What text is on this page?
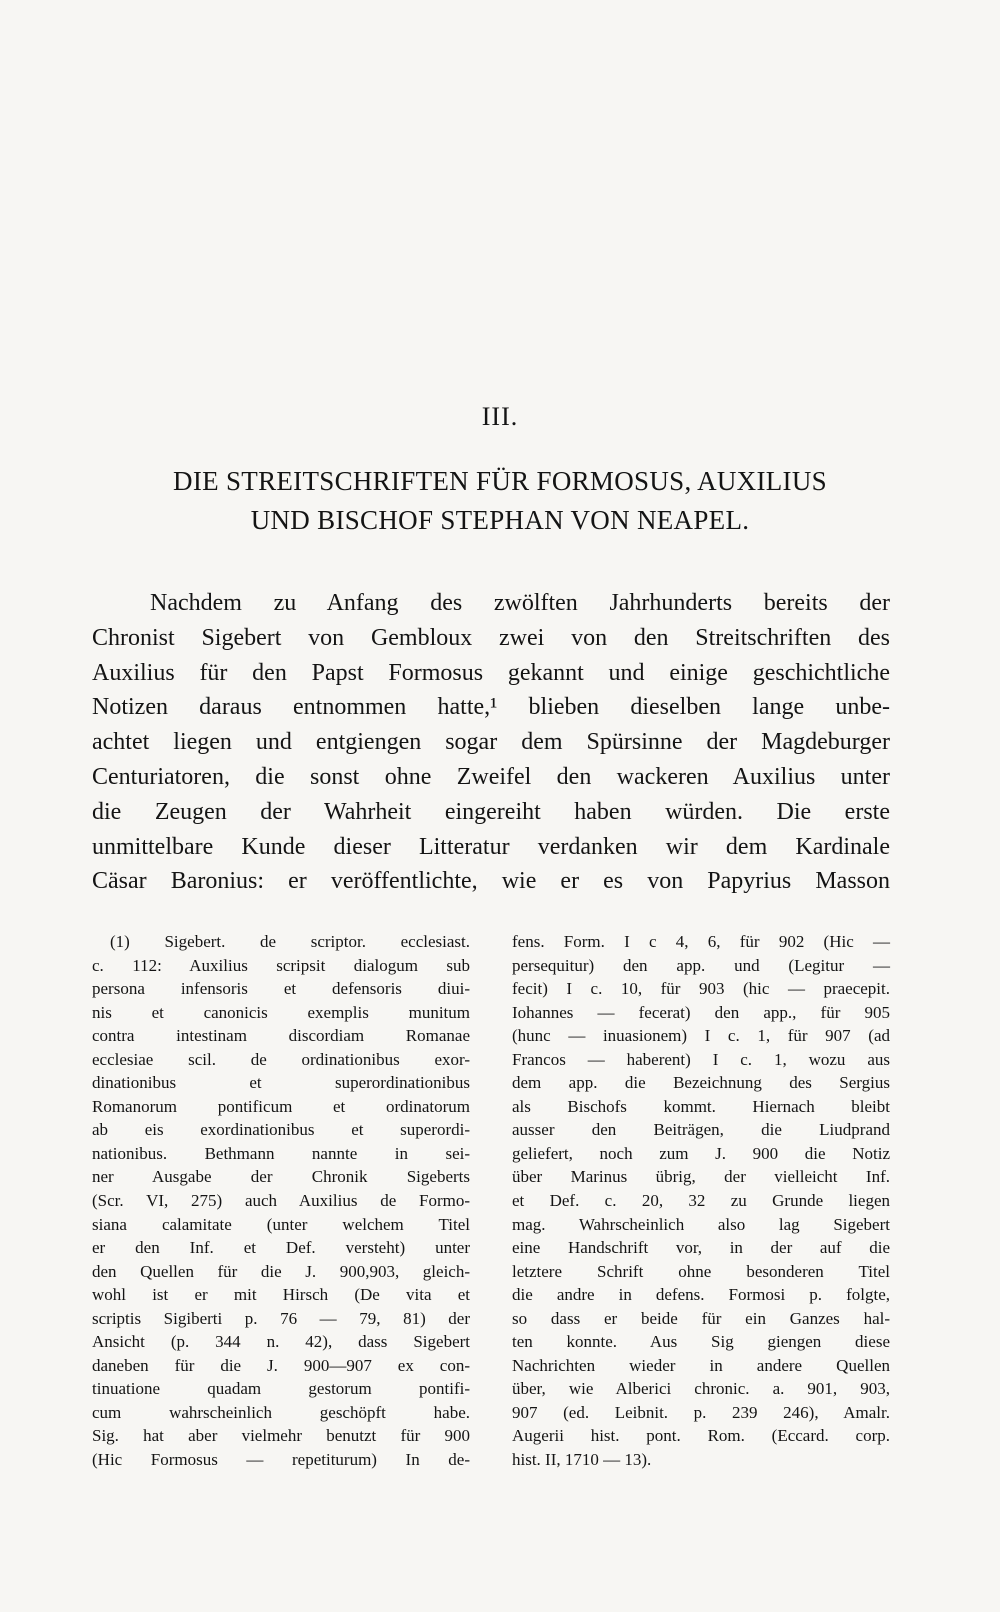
III.
DIE STREITSCHRIFTEN FÜR FORMOSUS, AUXILIUS
UND BISCHOF STEPHAN VON NEAPEL.
Nachdem zu Anfang des zwölften Jahrhunderts bereits der
Chronist Sigebert von Gembloux zwei von den Streitschriften des
Auxilius für den Papst Formosus gekannt und einige geschichtliche
Notizen daraus entnommen hatte,¹ blieben dieselben lange unbe-
achtet liegen und entgiengen sogar dem Spürsinne der Magdeburger
Centuriatoren, die sonst ohne Zweifel den wackeren Auxilius unter
die Zeugen der Wahrheit eingereiht haben würden. Die erste
unmittelbare Kunde dieser Litteratur verdanken wir dem Kardinale
Cäsar Baronius: er veröffentlichte, wie er es von Papyrius Masson
(1) Sigebert. de scriptor. ecclesiast.
c. 112: Auxilius scripsit dialogum sub
persona infensoris et defensoris diui-
nis et canonicis exemplis munitum
contra intestinam discordiam Romanae
ecclesiae scil. de ordinationibus exor-
dinationibus et superordinationibus
Romanorum pontificum et ordinatorum
ab eis exordinationibus et superordi-
nationibus. Bethmann nannte in sei-
ner Ausgabe der Chronik Sigeberts
(Scr. VI, 275) auch Auxilius de Formo-
siana calamitate (unter welchem Titel
er den Inf. et Def. versteht) unter
den Quellen für die J. 900,903, gleich-
wohl ist er mit Hirsch (De vita et
scriptis Sigiberti p. 76 — 79, 81) der
Ansicht (p. 344 n. 42), dass Sigebert
daneben für die J. 900—907 ex con-
tinuatione quadam gestorum pontifi-
cum wahrscheinlich geschöpft habe.
Sig. hat aber vielmehr benutzt für 900
(Hic Formosus — repetiturum) In de-
fens. Form. I c 4, 6, für 902 (Hic —
persequitur) den app. und (Legitur —
fecit) I c. 10, für 903 (hic — praecepit.
Iohannes — fecerat) den app., für 905
(hunc — inuasionem) I c. 1, für 907 (ad
Francos — haberent) I c. 1, wozu aus
dem app. die Bezeichnung des Sergius
als Bischofs kommt. Hiernach bleibt
ausser den Beiträgen, die Liudprand
geliefert, noch zum J. 900 die Notiz
über Marinus übrig, der vielleicht Inf.
et Def. c. 20, 32 zu Grunde liegen
mag. Wahrscheinlich also lag Sigebert
eine Handschrift vor, in der auf die
letztere Schrift ohne besonderen Titel
die andre in defens. Formosi p. folgte,
so dass er beide für ein Ganzes hal-
ten konnte. Aus Sig giengen diese
Nachrichten wieder in andere Quellen
über, wie Alberici chronic. a. 901, 903,
907 (ed. Leibnit. p. 239 246), Amalr.
Augerii hist. pont. Rom. (Eccard. corp.
hist. II, 1710 — 13).
